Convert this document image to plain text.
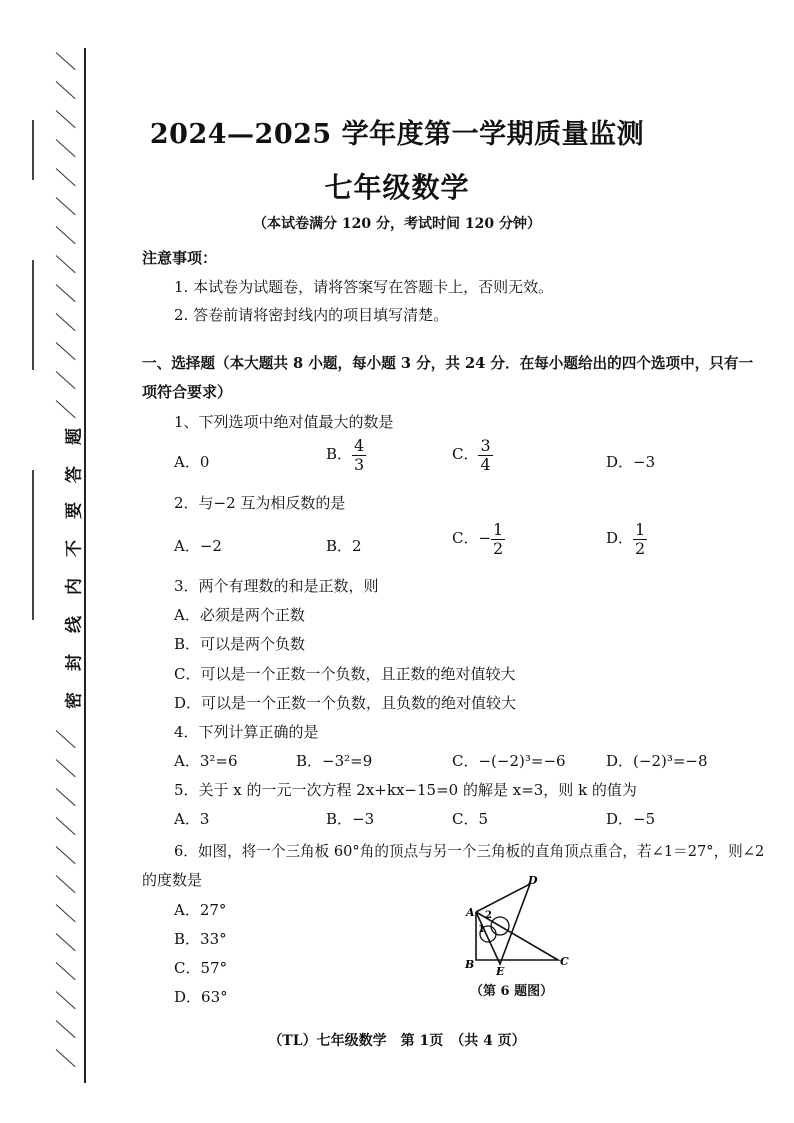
题
答
要
不
内
线
封
密
2024—2025 学年度第一学期质量监测
七年级数学
（本试卷满分 120 分，考试时间 120 分钟）
注意事项：
1. 本试卷为试题卷，请将答案写在答题卡上，否则无效。
2. 答卷前请将密封线内的项目填写清楚。
一、选择题（本大题共 8 小题，每小题 3 分，共 24 分．在每小题给出的四个选项中，只有一
项符合要求）
1、下列选项中绝对值最大的数是
A．0	B． $\frac{4}{3}$	C． $\frac{3}{4}$	D．−3
2．与−2 互为相反数的是
A．−2	B．2	C．− $\frac{1}{2}$	D． $\frac{1}{2}$
3．两个有理数的和是正数，则
A．必须是两个正数
B．可以是两个负数
C．可以是一个正数一个负数，且正数的绝对值较大
D．可以是一个正数一个负数，且负数的绝对值较大
4．下列计算正确的是
A．3²=6	B．−3²=9	C．−(−2)³=−6	D．(−2)³=−8
5．关于 x 的一元一次方程 2x+kx−15=0 的解是 x=3，则 k 的值为
A．3	B．−3	C．5	D．−5
6．如图，将一个三角板 60°角的顶点与另一个三角板的直角顶点重合，若∠1＝27°，则∠2
的度数是
A．27°
B．33°
C．57°
D．63°
A
B	C
D
E
1
2
（第 6 题图）
（TL）七年级数学　第 1页　（共 4 页）
